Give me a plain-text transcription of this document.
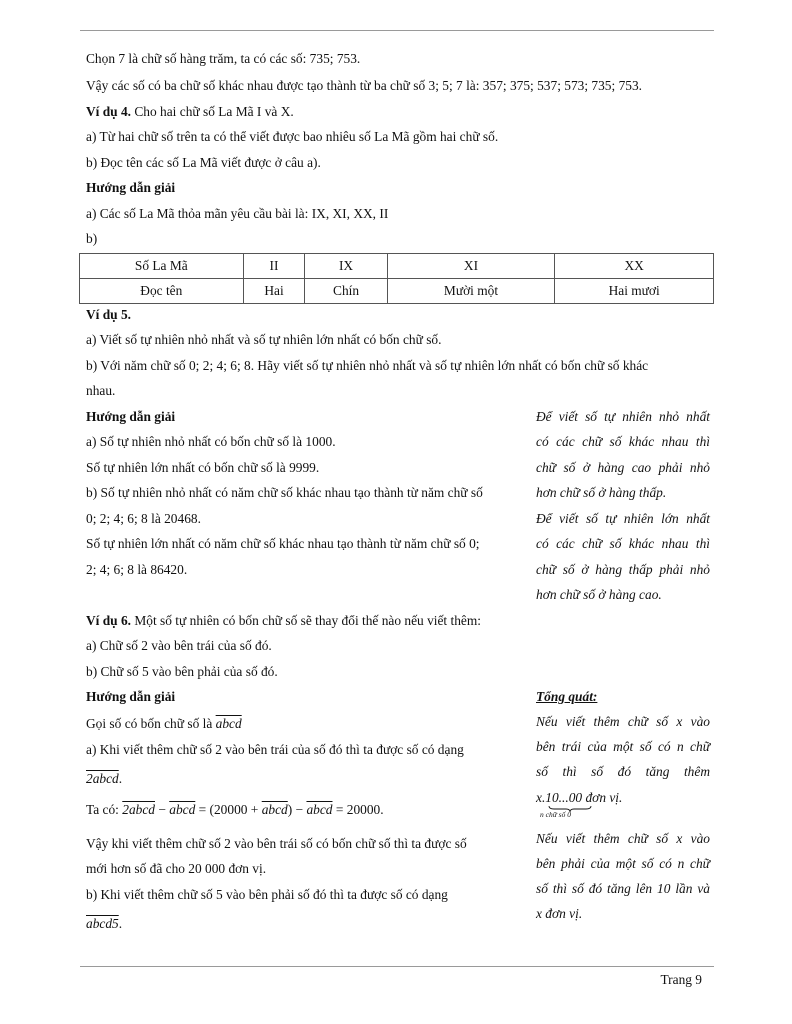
Chọn 7 là chữ số hàng trăm, ta có các số: 735; 753.
Vậy các số có ba chữ số khác nhau được tạo thành từ ba chữ số 3; 5; 7 là: 357; 375; 537; 573; 735; 753.
Ví dụ 4. Cho hai chữ số La Mã I và X.
a) Từ hai chữ số trên ta có thể viết được bao nhiêu số La Mã gồm hai chữ số.
b) Đọc tên các số La Mã viết được ở câu a).
Hướng dẫn giải
a) Các số La Mã thỏa mãn yêu cầu bài là: IX, XI, XX, II
b)
Số La Mã	II	IX	XI	XX
Đọc tên	Hai	Chín	Mười một	Hai mươi
Ví dụ 5.
a) Viết số tự nhiên nhỏ nhất và số tự nhiên lớn nhất có bốn chữ số.
b) Với năm chữ số 0; 2; 4; 6; 8. Hãy viết số tự nhiên nhỏ nhất và số tự nhiên lớn nhất có bốn chữ số khác
nhau.
Hướng dẫn giải
a) Số tự nhiên nhỏ nhất có bốn chữ số là 1000.
Số tự nhiên lớn nhất có bốn chữ số là 9999.
b) Số tự nhiên nhỏ nhất có năm chữ số khác nhau tạo thành từ năm chữ số
0; 2; 4; 6; 8 là 20468.
Số tự nhiên lớn nhất có năm chữ số khác nhau tạo thành từ năm chữ số 0;
2; 4; 6; 8 là 86420.
Để viết số tự nhiên nhỏ nhất
có các chữ số khác nhau thì
chữ số ở hàng cao phải nhỏ
hơn chữ số ở hàng thấp.
Để viết số tự nhiên lớn nhất
có các chữ số khác nhau thì
chữ số ở hàng thấp phải nhỏ
hơn chữ số ở hàng cao.
Ví dụ 6. Một số tự nhiên có bốn chữ số sẽ thay đổi thế nào nếu viết thêm:
a) Chữ số 2 vào bên trái của số đó.
b) Chữ số 5 vào bên phải của số đó.
Hướng dẫn giải
Gọi số có bốn chữ số là abcd
a) Khi viết thêm chữ số 2 vào bên trái của số đó thì ta được số có dạng
2abcd.
Ta có: 2abcd − abcd = (20000 + abcd) − abcd = 20000.
Vậy khi viết thêm chữ số 2 vào bên trái số có bốn chữ số thì ta được số
mới hơn số đã cho 20 000 đơn vị.
b) Khi viết thêm chữ số 5 vào bên phải số đó thì ta được số có dạng
abcd5.
Tổng quát:
Nếu viết thêm chữ số x vào
bên trái của một số có n chữ
số thì số đó tăng thêm
x.10...00 đơn vị.
n chữ số 0
Nếu viết thêm chữ số x vào
bên phải của một số có n chữ
số thì số đó tăng lên 10 lần và
x đơn vị.
Trang 9
